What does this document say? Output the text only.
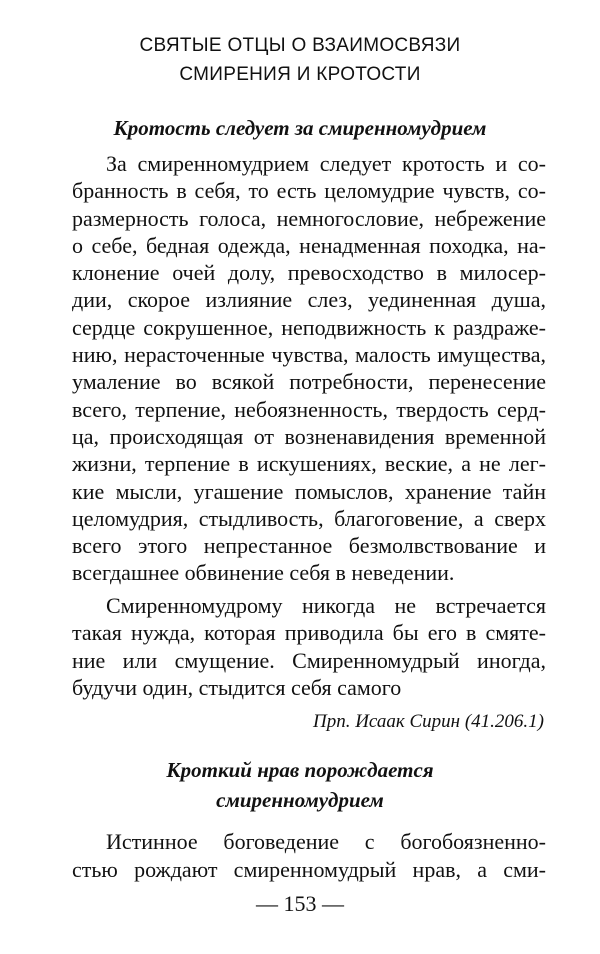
СВЯТЫЕ ОТЦЫ О ВЗАИМОСВЯЗИ
СМИРЕНИЯ И КРОТОСТИ
Кротость следует за смиренномудрием
За смиренномудрием следует кротость и со-
бранность в себя, то есть целомудрие чувств, со-
размерность голоса, немногословие, небрежение
о себе, бедная одежда, ненадменная походка, на-
клонение очей долу, превосходство в милосер-
дии, скорое излияние слез, уединенная душа,
сердце сокрушенное, неподвижность к раздраже-
нию, нерасточенные чувства, малость имущества,
умаление во всякой потребности, перенесение
всего, терпение, небоязненность, твердость серд-
ца, происходящая от возненавидения временной
жизни, терпение в искушениях, веские, а не лег-
кие мысли, угашение помыслов, хранение тайн
целомудрия, стыдливость, благоговение, а сверх
всего этого непрестанное безмолвствование и
всегдашнее обвинение себя в неведении.
Смиренномудрому никогда не встречается
такая нужда, которая приводила бы его в смяте-
ние или смущение. Смиренномудрый иногда,
будучи один, стыдится себя самого
Прп. Исаак Сирин (41.206.1)
Кроткий нрав порождается
смиренномудрием
Истинное боговедение с богобоязненно-
стью рождают смиренномудрый нрав, а сми-
— 153 —
